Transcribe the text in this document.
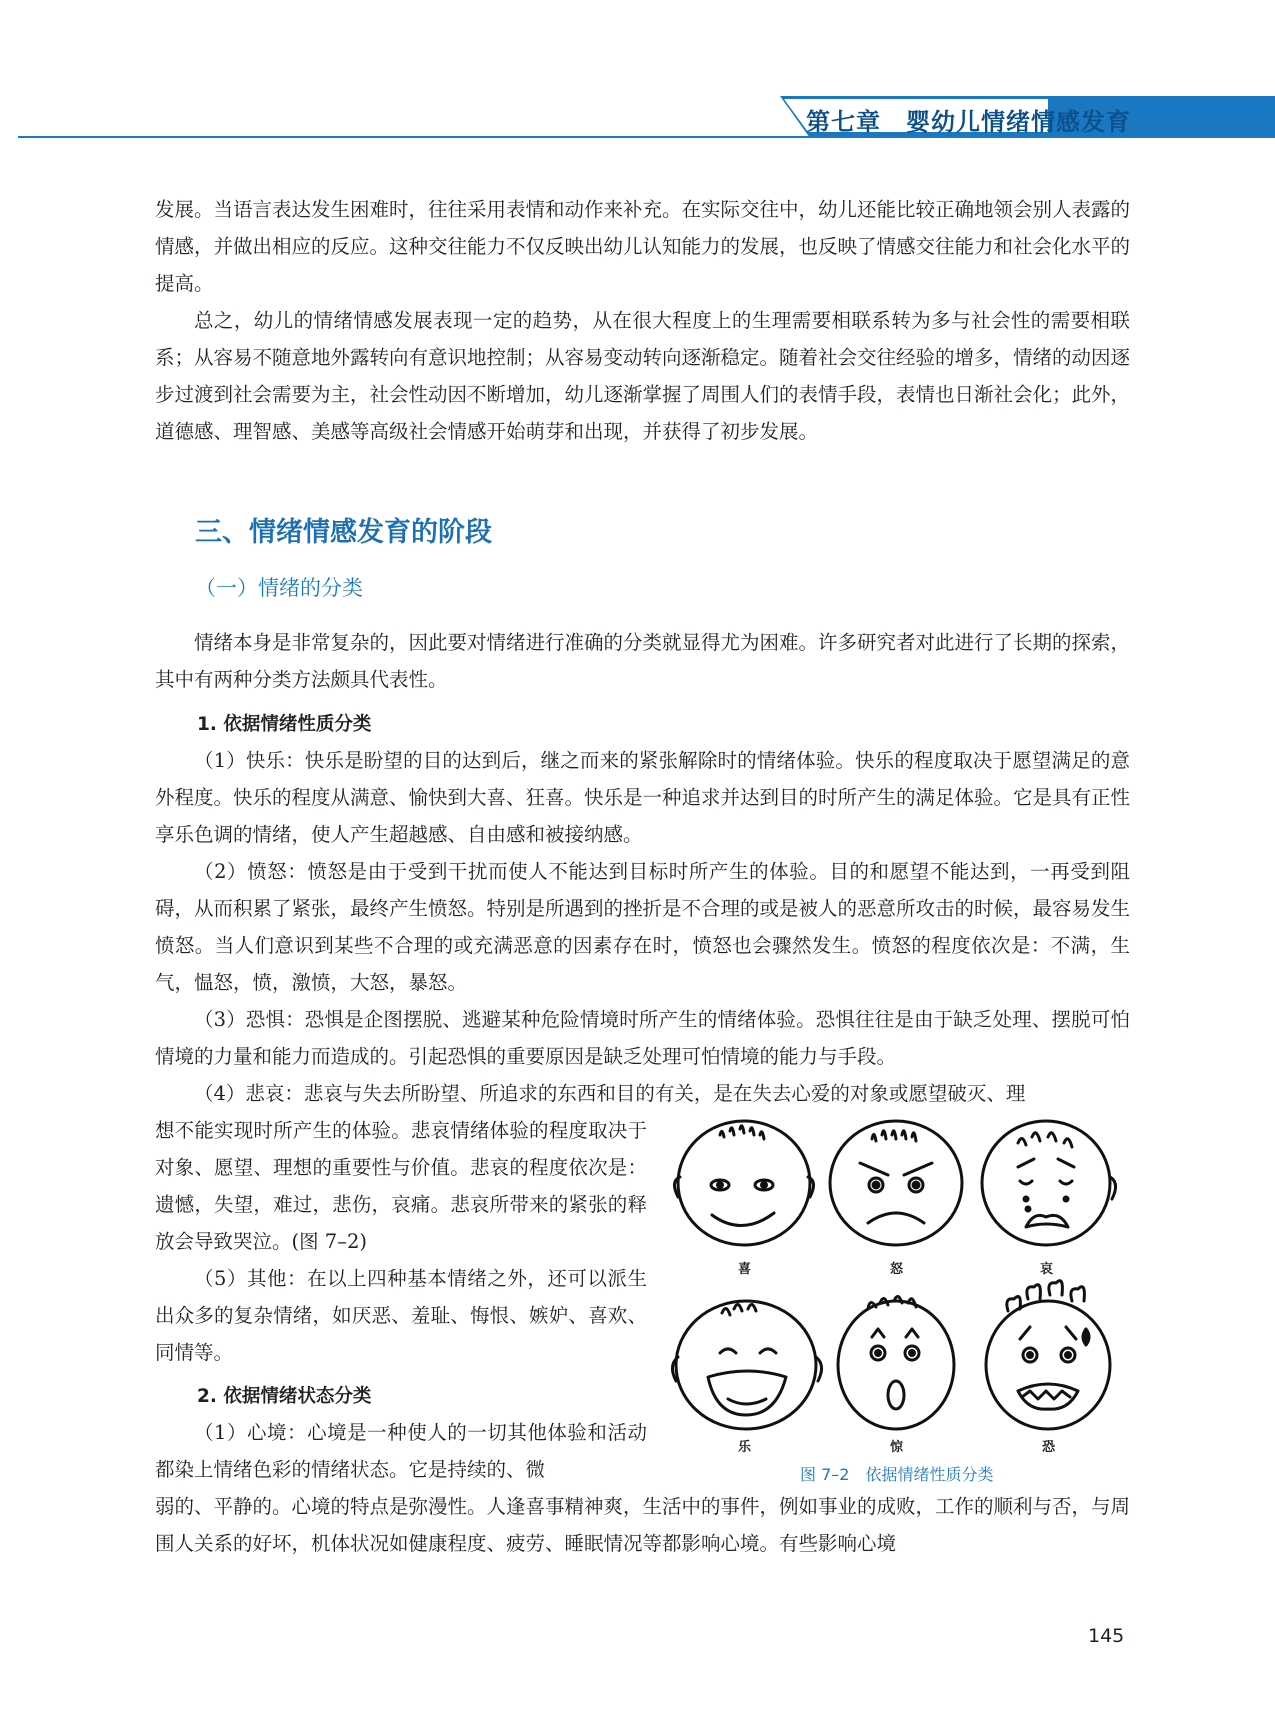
第七章　 婴幼儿情绪情感发育

发展。当语言表达发生困难时，往往采用表情和动作来补充。在实际交往中，幼儿还能比较正确地领会别人表露的情感，并做出相应的反应。这种交往能力不仅反映出幼儿认知能力的发展，也反映了情感交往能力和社会化水平的提高。

总之，幼儿的情绪情感发展表现一定的趋势，从在很大程度上的生理需要相联系转为多与社会性的需要相联系；从容易不随意地外露转向有意识地控制；从容易变动转向逐渐稳定。随着社会交往经验的增多，情绪的动因逐步过渡到社会需要为主，社会性动因不断增加，幼儿逐渐掌握了周围人们的表情手段，表情也日渐社会化；此外，道德感、理智感、美感等高级社会情感开始萌芽和出现，并获得了初步发展。

三、情绪情感发育的阶段
（一）情绪的分类

情绪本身是非常复杂的，因此要对情绪进行准确的分类就显得尤为困难。许多研究者对此进行了长期的探索，其中有两种分类方法颇具代表性。

1. 依据情绪性质分类

（1）快乐：快乐是盼望的目的达到后，继之而来的紧张解除时的情绪体验。快乐的程度取决于愿望满足的意外程度。快乐的程度从满意、愉快到大喜、狂喜。快乐是一种追求并达到目的时所产生的满足体验。它是具有正性享乐色调的情绪，使人产生超越感、自由感和被接纳感。

（2）愤怒：愤怒是由于受到干扰而使人不能达到目标时所产生的体验。目的和愿望不能达到，一再受到阻碍，从而积累了紧张，最终产生愤怒。特别是所遇到的挫折是不合理的或是被人的恶意所攻击的时候，最容易发生愤怒。当人们意识到某些不合理的或充满恶意的因素存在时，愤怒也会骤然发生。愤怒的程度依次是：不满，生气，愠怒，愤，激愤，大怒，暴怒。

（3）恐惧：恐惧是企图摆脱、逃避某种危险情境时所产生的情绪体验。恐惧往往是由于缺乏处理、摆脱可怕情境的力量和能力而造成的。引起恐惧的重要原因是缺乏处理可怕情境的能力与手段。

（4）悲哀：悲哀与失去所盼望、所追求的东西和目的有关，是在失去心爱的对象或愿望破灭、理

想不能实现时所产生的体验。悲哀情绪体验的程度取决于对象、愿望、理想的重要性与价值。悲哀的程度依次是：遗憾，失望，难过，悲伤，哀痛。悲哀所带来的紧张的释放会导致哭泣。(图 7–2)

（5）其他：在以上四种基本情绪之外，还可以派生出众多的复杂情绪，如厌恶、羞耻、悔恨、嫉妒、喜欢、同情等。

2. 依据情绪状态分类

（1）心境：心境是一种使人的一切其他体验和活动都染上情绪色彩的情绪状态。它是持续的、微

弱的、平静的。心境的特点是弥漫性。人逢喜事精神爽，生活中的事件，例如事业的成败，工作的顺利与否，与周围人关系的好坏，机体状况如健康程度、疲劳、睡眠情况等都影响心境。有些影响心境

喜	怒	哀
乐	惊	恐
图 7–2　依据情绪性质分类
145
